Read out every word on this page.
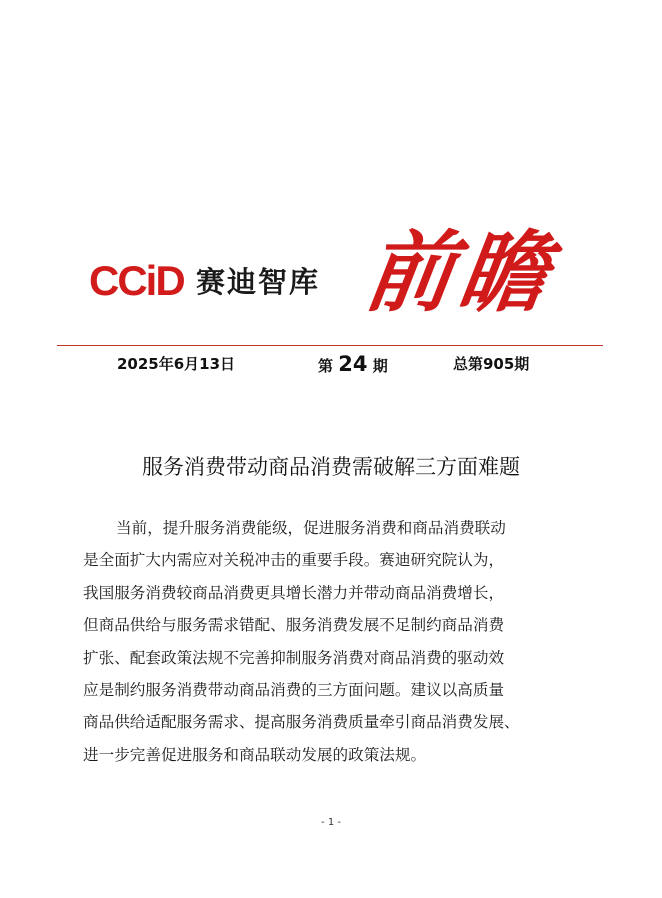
CCiD 赛迪智库 前瞻
2025年6月13日	第 24 期	总第905期
服务消费带动商品消费需破解三方面难题
当前，提升服务消费能级，促进服务消费和商品消费联动
是全面扩大内需应对关税冲击的重要手段。赛迪研究院认为，
我国服务消费较商品消费更具增长潜力并带动商品消费增长，
但商品供给与服务需求错配、服务消费发展不足制约商品消费
扩张、配套政策法规不完善抑制服务消费对商品消费的驱动效
应是制约服务消费带动商品消费的三方面问题。建议以高质量
商品供给适配服务需求、提高服务消费质量牵引商品消费发展、
进一步完善促进服务和商品联动发展的政策法规。
- 1 -
